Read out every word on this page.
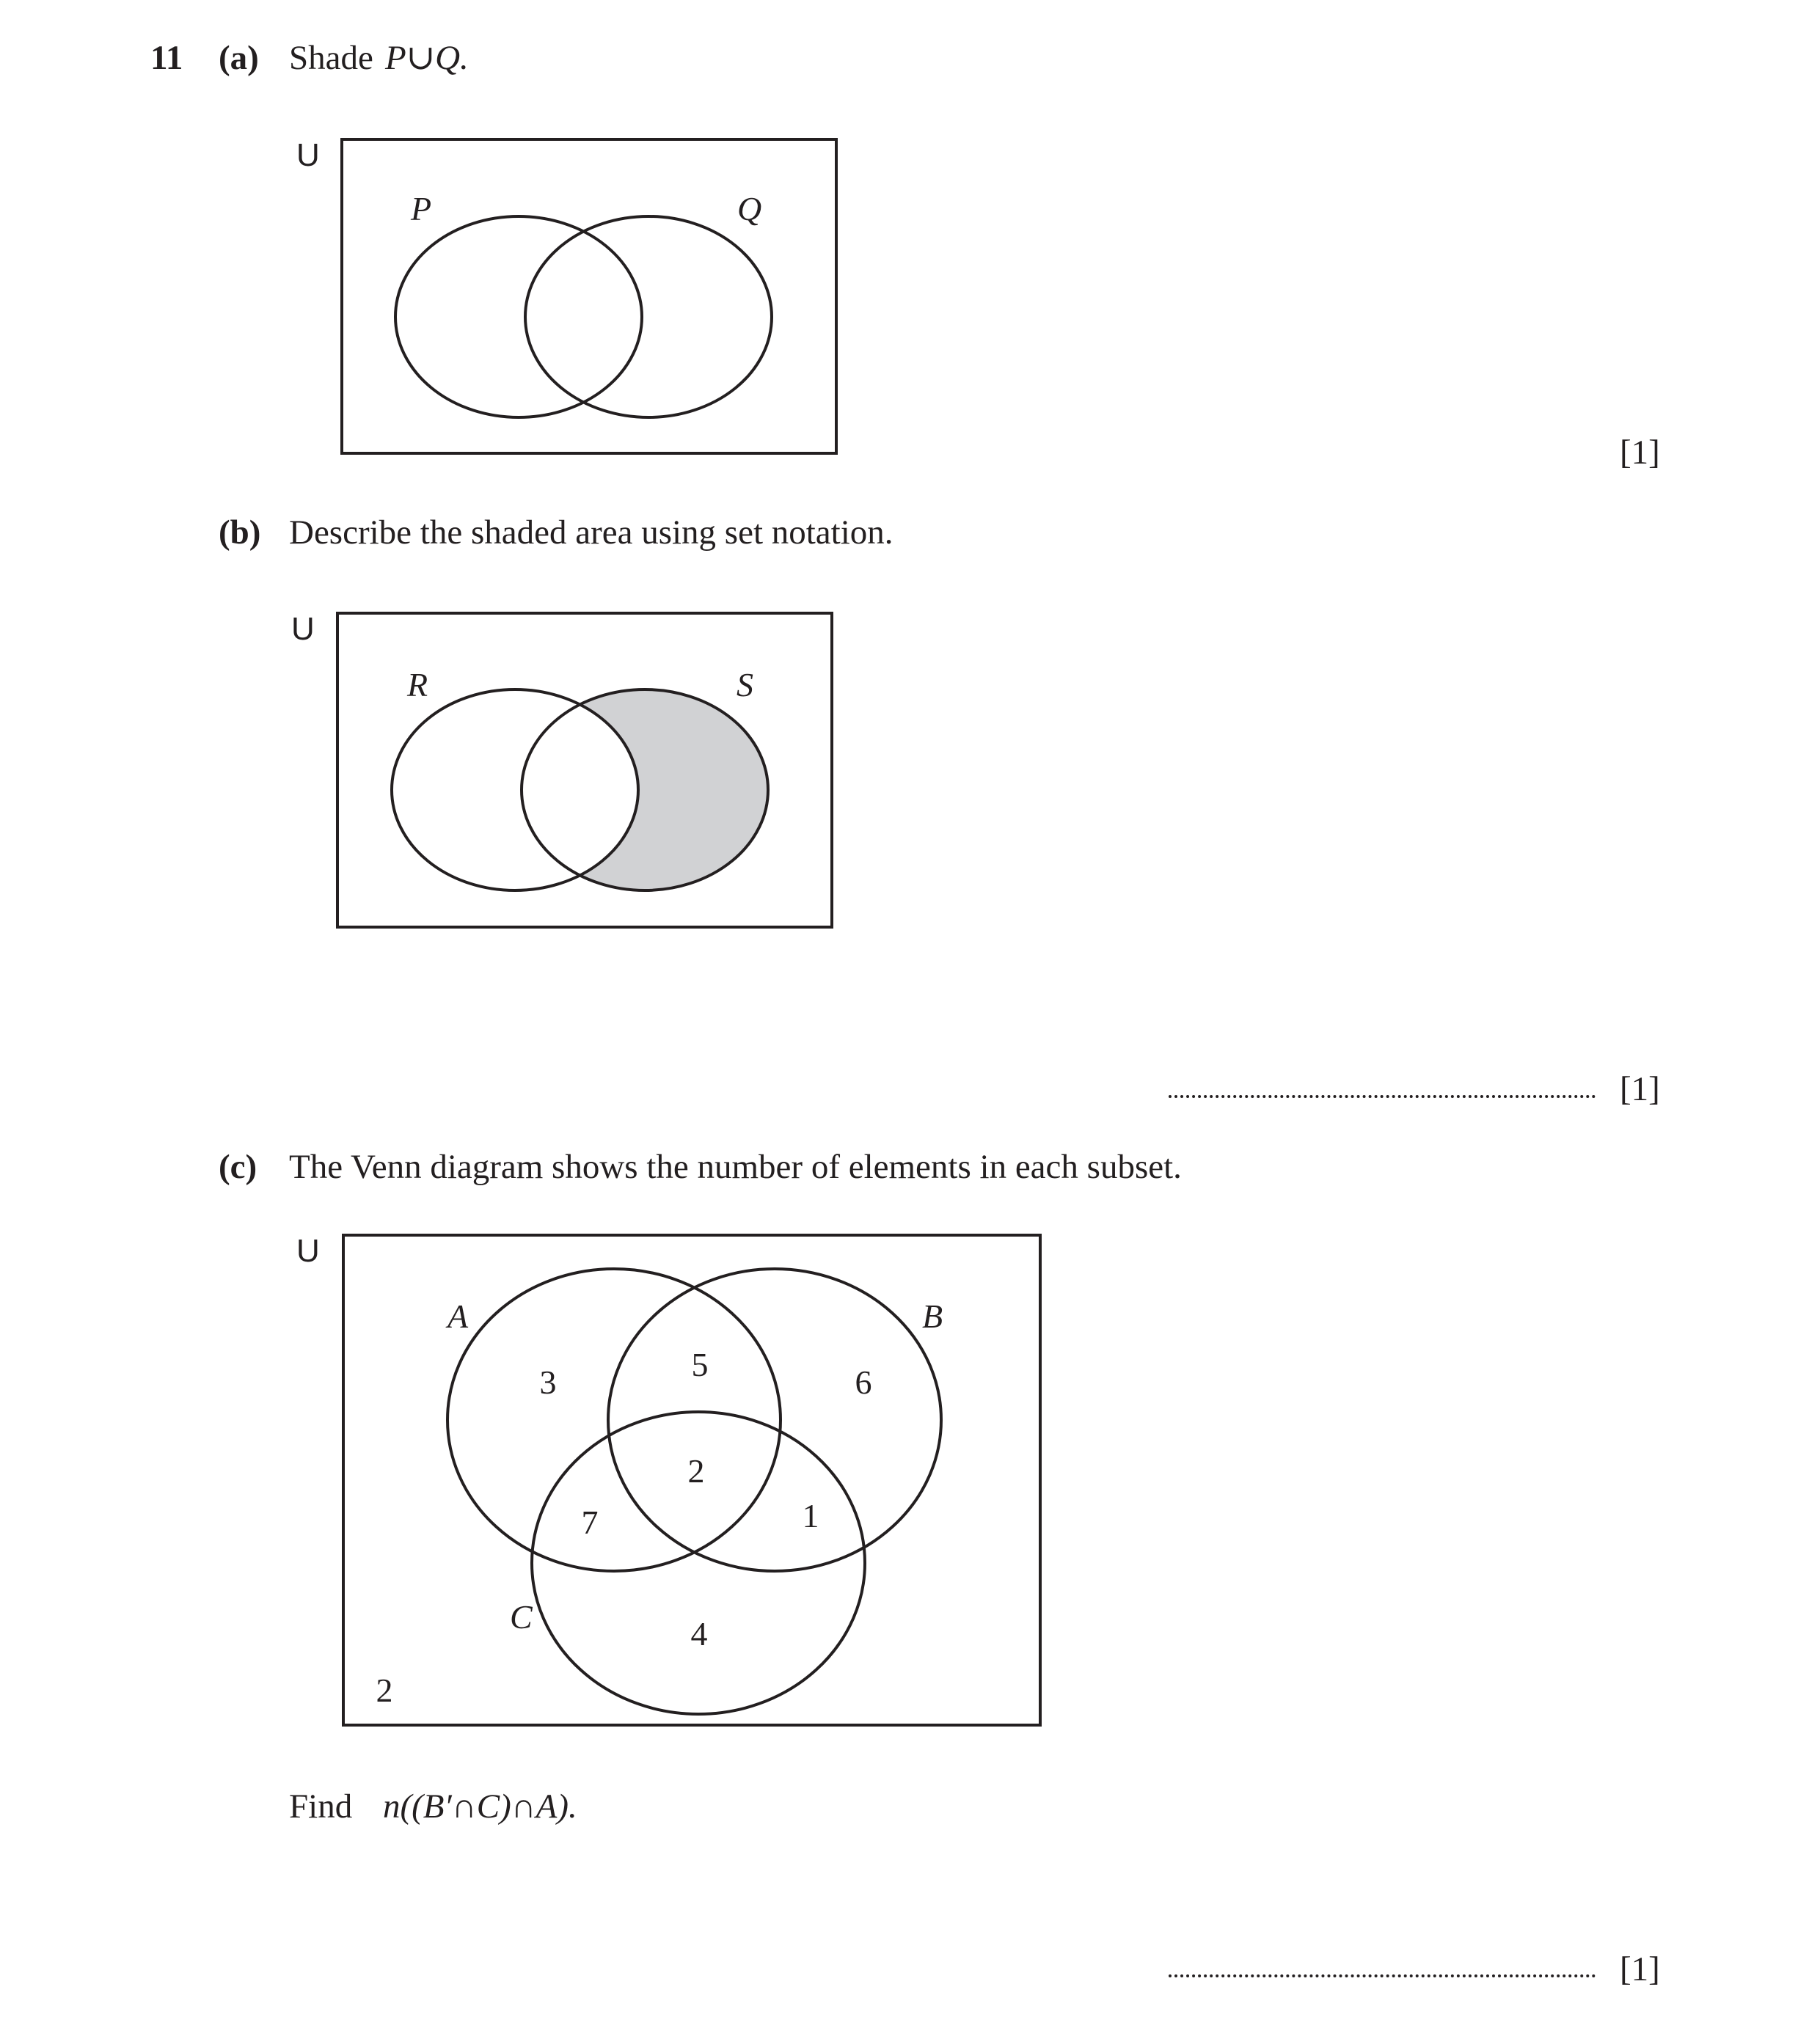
11 (a) Shade P∪Q.
U
P	Q
[1]
(b) Describe the shaded area using set notation.
U
R	S
[1]
(c) The Venn diagram shows the number of elements in each subset.
U
A	B
C
3	5	6
2
7	1
4
2
Find n((B′∩C)∩A).
[1]
